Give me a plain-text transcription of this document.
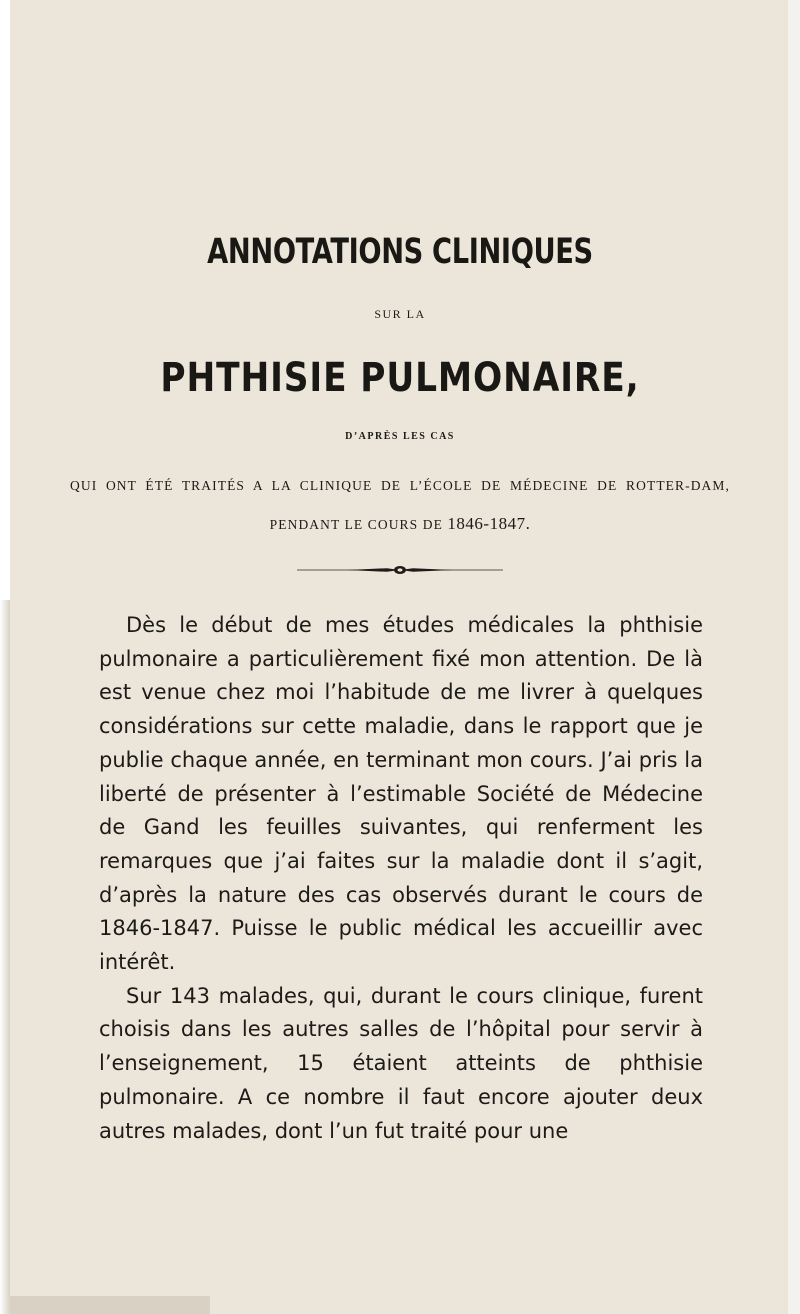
ANNOTATIONS CLINIQUES
SUR LA
PHTHISIE PULMONAIRE,
D’APRÈS LES CAS
QUI ONT ÉTÉ TRAITÉS A LA CLINIQUE DE L’ÉCOLE DE MÉDECINE DE ROTTER-DAM, PENDANT LE COURS DE 1846-1847.

Dès le début de mes études médicales la phthisie pulmonaire a particulièrement fixé mon attention. De là est venue chez moi l’habitude de me livrer à quelques considérations sur cette maladie, dans le rapport que je publie chaque année, en terminant mon cours. J’ai pris la liberté de présenter à l’estimable Société de Médecine de Gand les feuilles suivantes, qui renferment les remarques que j’ai faites sur la maladie dont il s’agit, d’après la nature des cas observés durant le cours de 1846-1847. Puisse le public médical les accueillir avec intérêt.

Sur 143 malades, qui, durant le cours clinique, furent choisis dans les autres salles de l’hôpital pour servir à l’enseignement, 15 étaient atteints de phthisie pulmonaire. A ce nombre il faut encore ajouter deux autres malades, dont l’un fut traité pour une
